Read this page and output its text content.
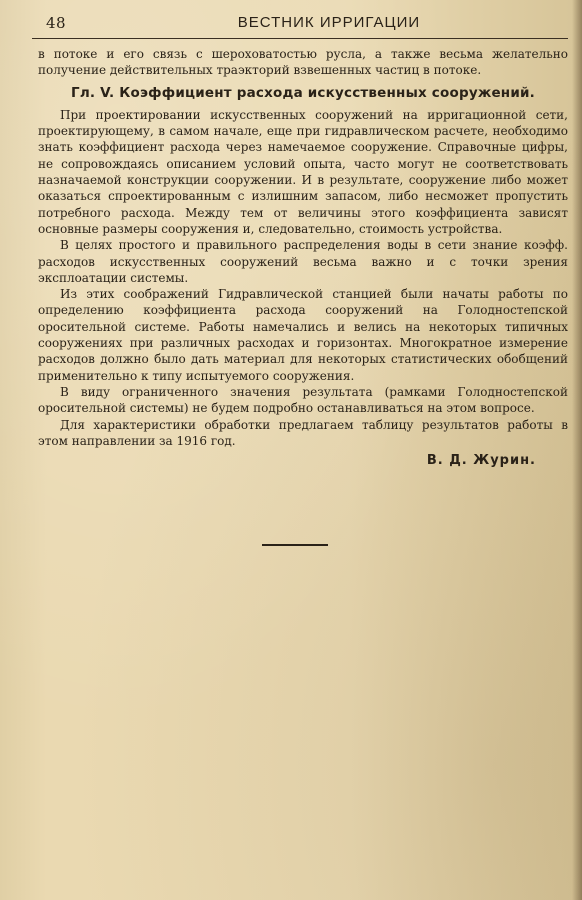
48	ВЕСТНИК ИРРИГАЦИИ

в потоке и его связь с шероховатостью русла, а также весьма желательно получение действительных траэкторий взвешенных частиц в потоке.

Гл. V. Коэффициент расхода искусственных сооружений.

При проектировании искусственных сооружений на ирригационной сети, проектирующему, в самом начале, еще при гидравлическом расчете, необходимо знать коэффициент расхода через намечаемое сооружение. Справочные цифры, не сопровождаясь описанием условий опыта, часто могут не соответствовать назначаемой конструкции сооружении. И в результате, сооружение либо может оказаться спроектированным с излишним запасом, либо несможет пропустить потребного расхода. Между тем от величины этого коэффициента зависят основные размеры сооружения и, следовательно, стоимость устройства.

В целях простого и правильного распределения воды в сети знание коэфф. расходов искусственных сооружений весьма важно и с точки зрения эксплоатации системы.

Из этих соображений Гидравлической станцией были начаты работы по определению коэффициента расхода сооружений на Голодностепской оросительной системе. Работы намечались и велись на некоторых типичных сооружениях при различных расходах и горизонтах. Многократное измерение расходов должно было дать материал для некоторых статистических обобщений применительно к типу испытуемого сооружения.

В виду ограниченного значения результата (рамками Голодностепской оросительной системы) не будем подробно останавливаться на этом вопросе.

Для характеристики обработки предлагаем таблицу результатов работы в этом направлении за 1916 год.

В. Д. Журин.
